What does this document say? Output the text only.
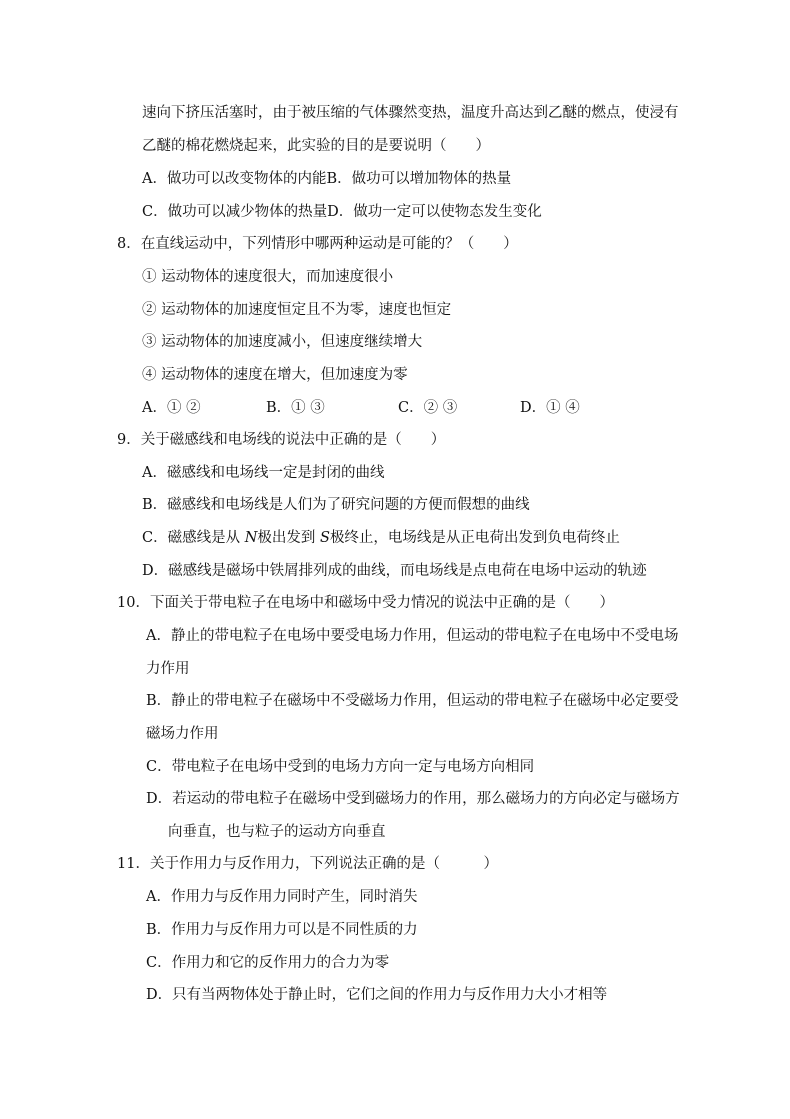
速向下挤压活塞时，由于被压缩的气体骤然变热，温度升高达到乙醚的燃点，使浸有
乙醚的棉花燃烧起来，此实验的目的是要说明（　　）
A．做功可以改变物体的内能B．做功可以增加物体的热量
C．做功可以减少物体的热量D．做功一定可以使物态发生变化
8．在直线运动中，下列情形中哪两种运动是可能的？（　　）
① 运动物体的速度很大，而加速度很小
② 运动物体的加速度恒定且不为零，速度也恒定
③ 运动物体的加速度减小，但速度继续增大
④ 运动物体的速度在增大，但加速度为零
A．① ②	B．① ③	C．② ③	D．① ④
9．关于磁感线和电场线的说法中正确的是（　　）
A．磁感线和电场线一定是封闭的曲线
B．磁感线和电场线是人们为了研究问题的方便而假想的曲线
C．磁感线是从 N极出发到 S极终止，电场线是从正电荷出发到负电荷终止
D．磁感线是磁场中铁屑排列成的曲线，而电场线是点电荷在电场中运动的轨迹
10．下面关于带电粒子在电场中和磁场中受力情况的说法中正确的是（　　）
A．静止的带电粒子在电场中要受电场力作用，但运动的带电粒子在电场中不受电场
力作用
B．静止的带电粒子在磁场中不受磁场力作用，但运动的带电粒子在磁场中必定要受
磁场力作用
C．带电粒子在电场中受到的电场力方向一定与电场方向相同
D．若运动的带电粒子在磁场中受到磁场力的作用，那么磁场力的方向必定与磁场方
向垂直，也与粒子的运动方向垂直
11．关于作用力与反作用力，下列说法正确的是（　　　）
A．作用力与反作用力同时产生，同时消失
B．作用力与反作用力可以是不同性质的力
C．作用力和它的反作用力的合力为零
D．只有当两物体处于静止时，它们之间的作用力与反作用力大小才相等
